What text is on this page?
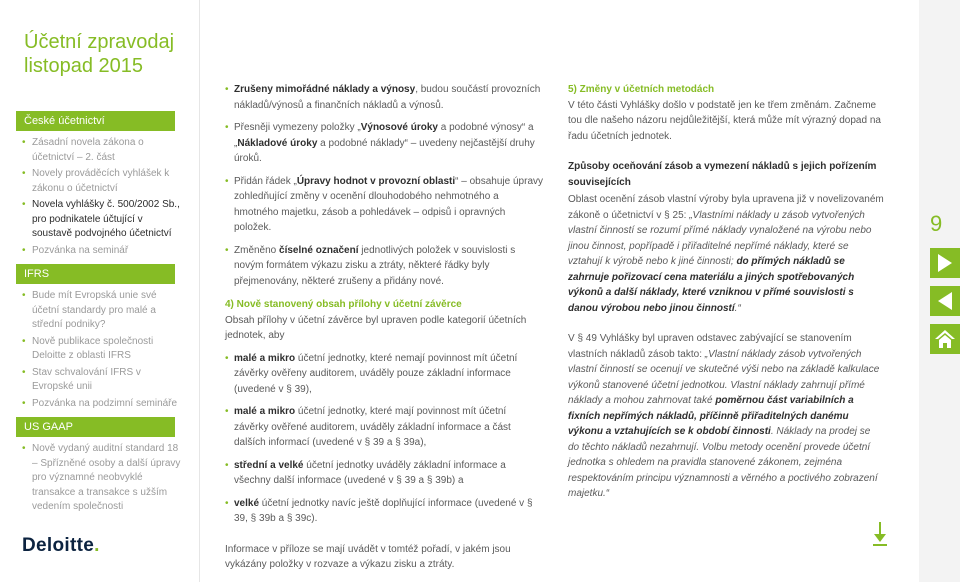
Účetní zpravodaj
listopad 2015
České účetnictví
• Zásadní novela zákona o účetnictví – 2. část
• Novely prováděcích vyhlášek k zákonu o účetnictví
• Novela vyhlášky č. 500/2002 Sb., pro podnikatele účtující v soustavě podvojného účetnictví
• Pozvánka na seminář
IFRS
• Bude mít Evropská unie své účetní standardy pro malé a střední podniky?
• Nově publikace společnosti Deloitte z oblasti IFRS
• Stav schvalování IFRS v Evropské unii
• Pozvánka na podzimní semináře
US GAAP
• Nově vydaný auditní standard 18 – Spřízněné osoby a další úpravy pro významné neobvyklé transakce a transakce s užším vedením společnosti
Deloitte.
• Zrušeny mimořádné náklady a výnosy, budou součástí provozních nákladů/výnosů a finančních nákladů a výnosů.
• Přesněji vymezeny položky „Výnosové úroky a podobné výnosy“ a „Nákladové úroky a podobné náklady“ – uvedeny nejčastější druhy úroků.
• Přidán řádek „Úpravy hodnot v provozní oblasti“ – obsahuje úpravy zohledňující změny v ocenění dlouhodobého nehmotného a hmotného majetku, zásob a pohledávek – odpisů i opravných položek.
• Změněno číselné označení jednotlivých položek v souvislosti s novým formátem výkazu zisku a ztráty, některé řádky byly přejmenovány, některé zrušeny a přidány nové.
4) Nově stanovený obsah přílohy v účetní závěrce

Obsah přílohy v účetní závěrce byl upraven podle kategorií účetních jednotek, aby

• malé a mikro účetní jednotky, které nemají povinnost mít účetní závěrky ověřeny auditorem, uváděly pouze základní informace (uvedené v § 39),
• malé a mikro účetní jednotky, které mají povinnost mít účetní závěrky ověřené auditorem, uváděly základní informace a část dalších informací (uvedené v § 39 a § 39a),
• střední a velké účetní jednotky uváděly základní informace a všechny další informace (uvedené v § 39 a § 39b) a
• velké účetní jednotky navíc ještě doplňující informace (uvedené v § 39, § 39b a § 39c).

Informace v příloze se mají uvádět v tomtéž pořadí, v jakém jsou vykázány položky v rozvaze a výkazu zisku a ztráty.

5) Změny v účetních metodách

V této části Vyhlášky došlo v podstatě jen ke třem změnám. Začneme tou dle našeho názoru nejdůležitější, která může mít výrazný dopad na řadu účetních jednotek.

Způsoby oceňování zásob a vymezení nákladů s jejich pořízením souvisejících

Oblast ocenění zásob vlastní výroby byla upravena již v novelizovaném zákoně o účetnictví v § 25: „Vlastními náklady u zásob vytvořených vlastní činností se rozumí přímé náklady vynaložené na výrobu nebo jinou činnost, popřípadě i přiřaditelné nepřímé náklady, které se vztahují k výrobě nebo k jiné činnosti; do přímých nákladů se zahrnuje pořizovací cena materiálu a jiných spotřebovaných výkonů a další náklady, které vzniknou v přímé souvislosti s danou výrobou nebo jinou činností.“

V § 49 Vyhlášky byl upraven odstavec zabývající se stanovením vlastních nákladů zásob takto: „Vlastní náklady zásob vytvořených vlastní činností se ocenují ve skutečné výši nebo na základě kalkulace výkonů stanovené účetní jednotkou. Vlastní náklady zahrnují přímé náklady a mohou zahrnovat také poměrnou část variabilních a fixních nepřímých nákladů, příčinně přiřaditelných danému výkonu a vztahujících se k období činnosti. Náklady na prodej se do těchto nákladů nezahrnují. Volbu metody ocenění provede účetní jednotka s ohledem na pravidla stanovené zákonem, zejména respektováním principu významnosti a věrného a poctivého zobrazení majetku.“

9
